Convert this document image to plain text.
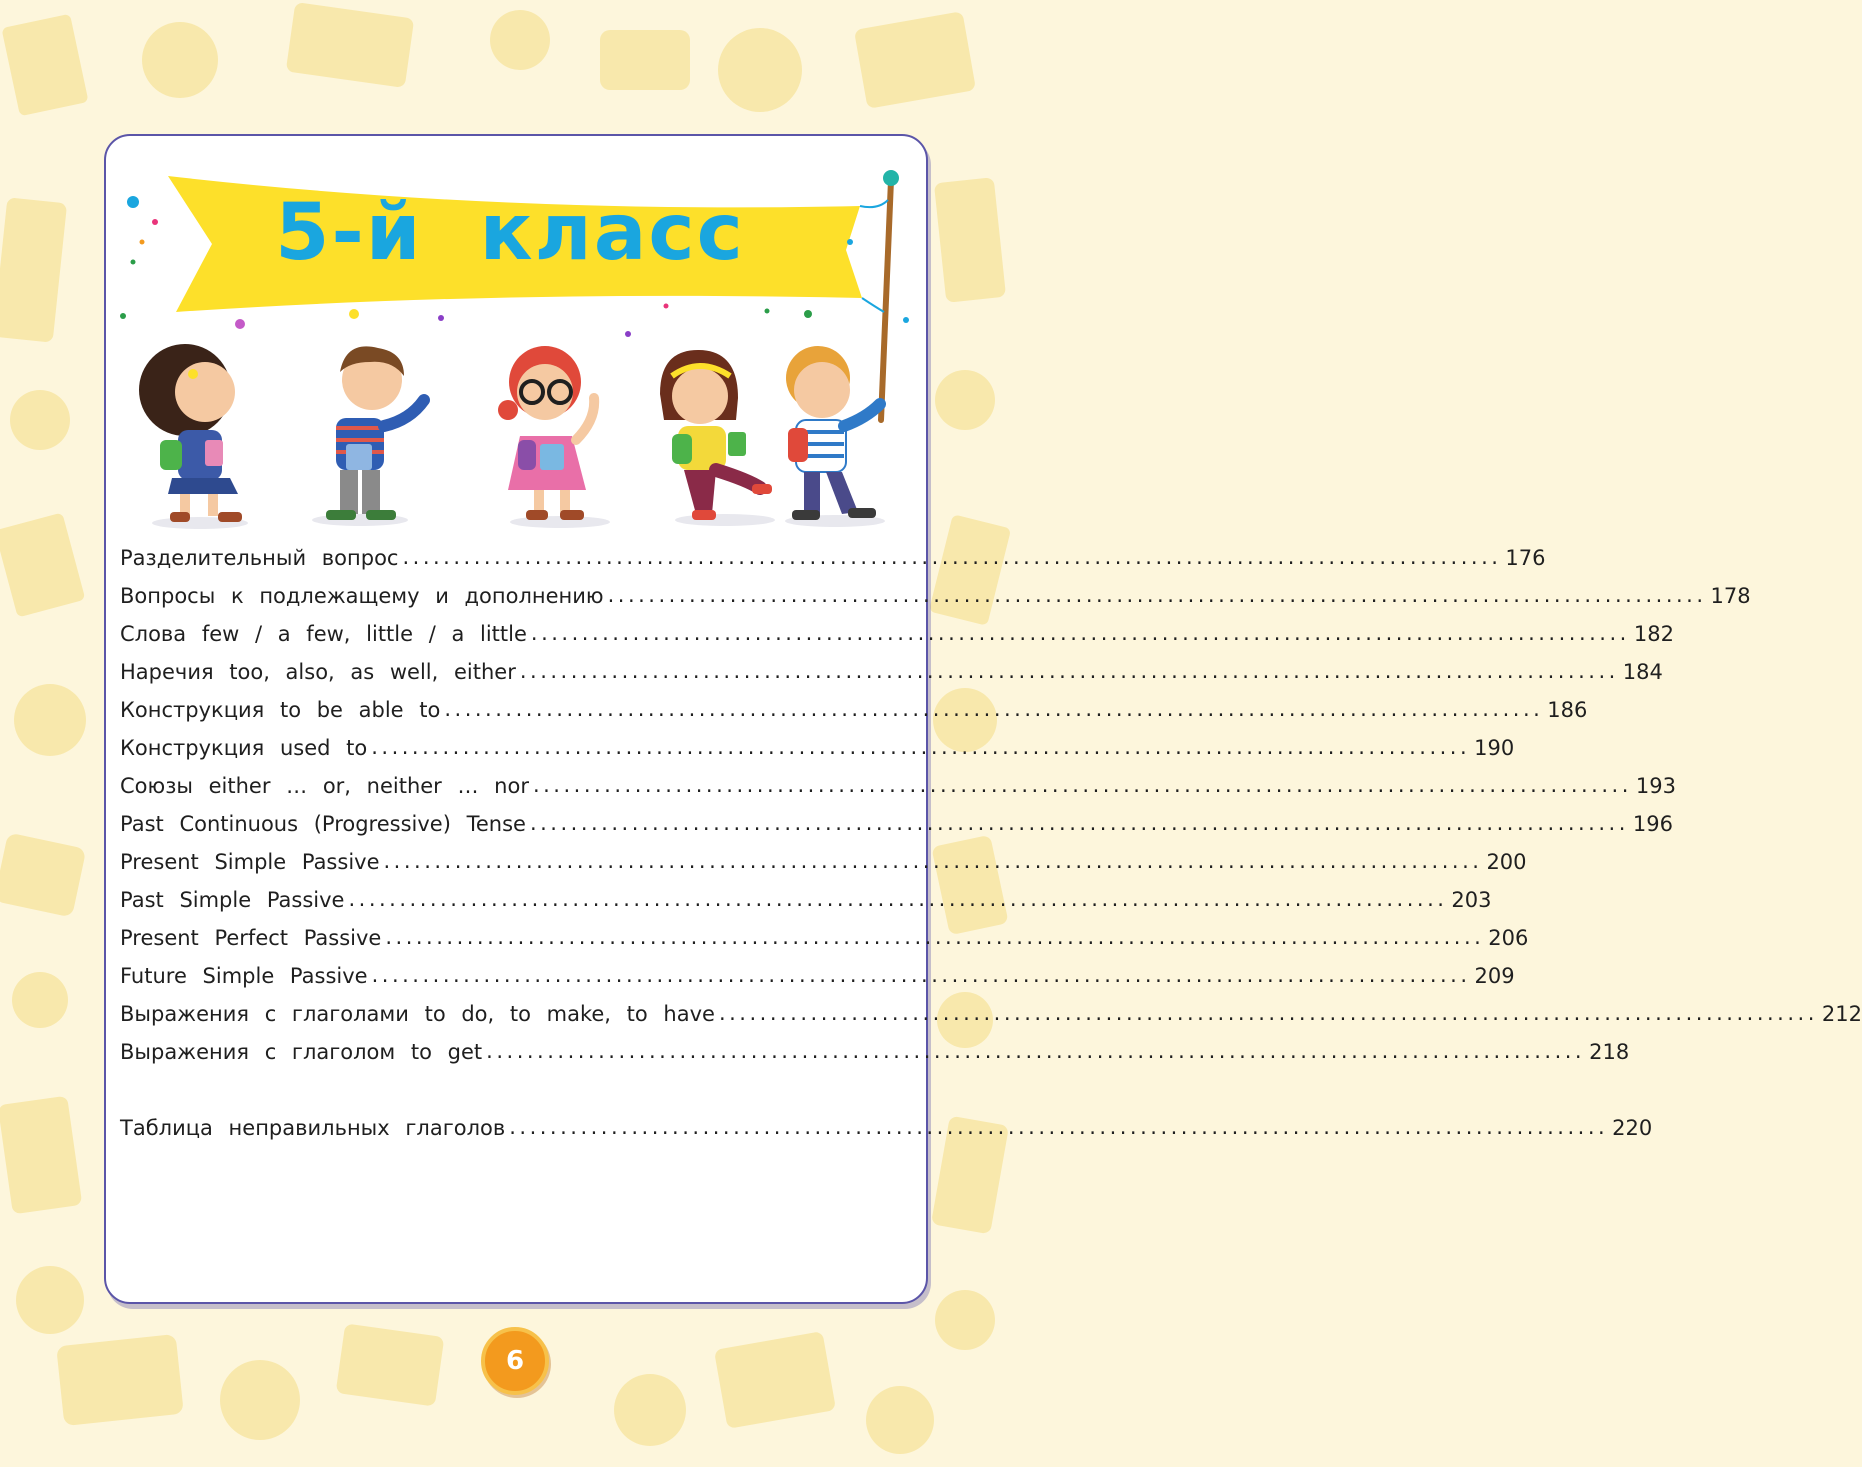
5-й класс
Разделительный вопрос ............................................................................................................ 176
Вопросы к подлежащему и дополнению ............................................................................................................ 178
Слова few / a few, little / a little ............................................................................................................ 182
Наречия too, also, as well, either ............................................................................................................ 184
Конструкция to be able to ............................................................................................................ 186
Конструкция used to ............................................................................................................ 190
Союзы either … or, neither … nor ............................................................................................................ 193
Past Continuous (Progressive) Tense ............................................................................................................ 196
Present Simple Passive ............................................................................................................ 200
Past Simple Passive ............................................................................................................ 203
Present Perfect Passive ............................................................................................................ 206
Future Simple Passive ............................................................................................................ 209
Выражения с глаголами to do, to make, to have ............................................................................................................ 212
Выражения с глаголом to get ............................................................................................................ 218
Таблица неправильных глаголов ............................................................................................................ 220
6
